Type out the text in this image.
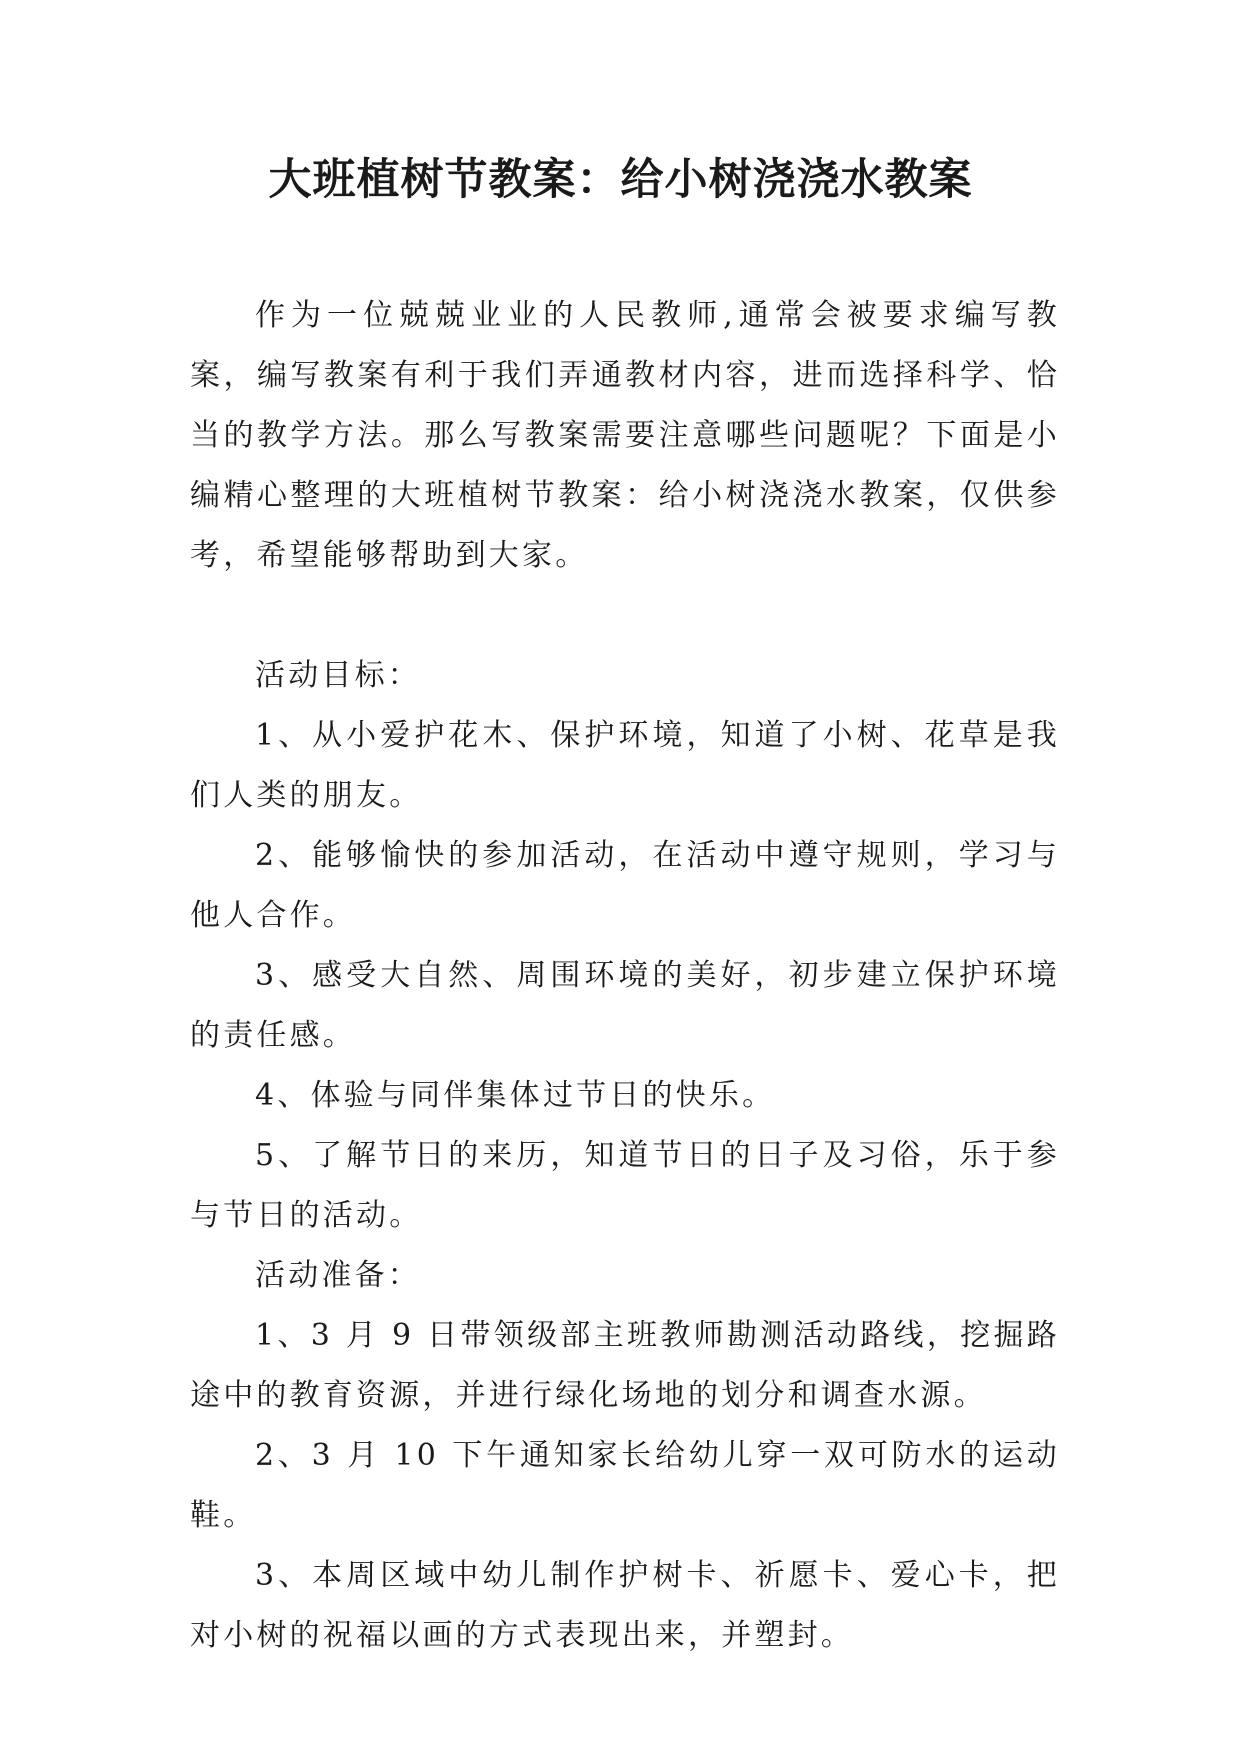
大班植树节教案：给小树浇浇水教案

作为一位兢兢业业的人民教师,通常会被要求编写教案，编写教案有利于我们弄通教材内容，进而选择科学、恰当的教学方法。那么写教案需要注意哪些问题呢？下面是小编精心整理的大班植树节教案：给小树浇浇水教案，仅供参考，希望能够帮助到大家。

活动目标：

1、从小爱护花木、保护环境，知道了小树、花草是我们人类的朋友。

2、能够愉快的参加活动，在活动中遵守规则，学习与他人合作。

3、感受大自然、周围环境的美好，初步建立保护环境的责任感。

4、体验与同伴集体过节日的快乐。

5、了解节日的来历，知道节日的日子及习俗，乐于参与节日的活动。

活动准备：

1、3 月 9 日带领级部主班教师勘测活动路线，挖掘路途中的教育资源，并进行绿化场地的划分和调查水源。

2、3 月 10 下午通知家长给幼儿穿一双可防水的运动鞋。

3、本周区域中幼儿制作护树卡、祈愿卡、爱心卡，把对小树的祝福以画的方式表现出来，并塑封。
